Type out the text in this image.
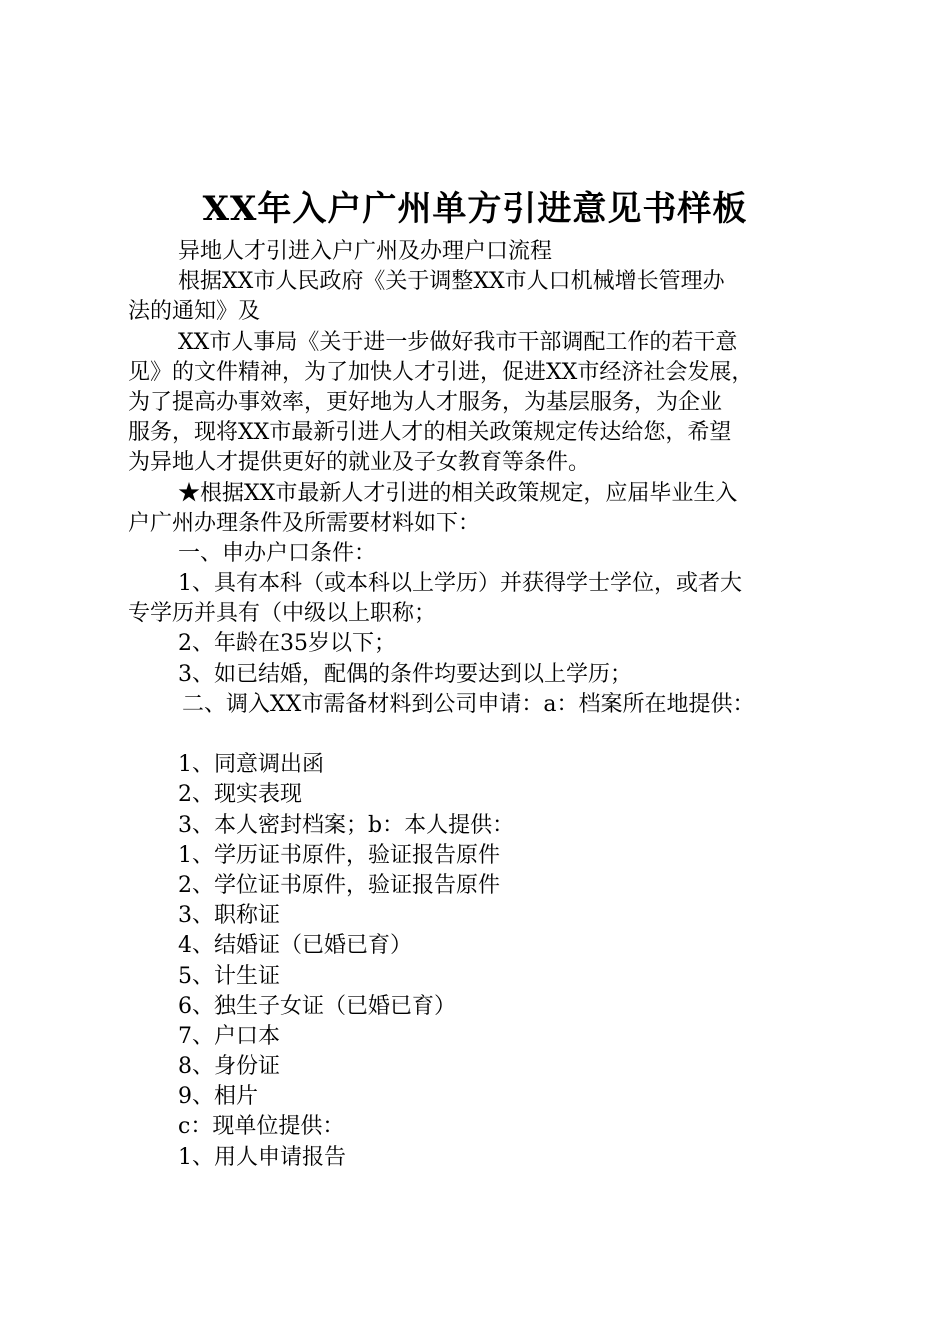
XX年入户广州单方引进意见书样板
异地人才引进入户广州及办理户口流程
根据XX市人民政府《关于调整XX市人口机械增长管理办
法的通知》及
XX市人事局《关于进一步做好我市干部调配工作的若干意
见》的文件精神，为了加快人才引进，促进XX市经济社会发展，
为了提高办事效率，更好地为人才服务，为基层服务，为企业
服务，现将XX市最新引进人才的相关政策规定传达给您，希望
为异地人才提供更好的就业及子女教育等条件。
★根据XX市最新人才引进的相关政策规定，应届毕业生入
户广州办理条件及所需要材料如下：
一、申办户口条件：
1、具有本科（或本科以上学历）并获得学士学位，或者大
专学历并具有（中级以上职称；
2、年龄在35岁以下；
3、如已结婚，配偶的条件均要达到以上学历；
二、调入XX市需备材料到公司申请：a：档案所在地提供：
1、同意调出函
2、现实表现
3、本人密封档案；b：本人提供：
1、学历证书原件，验证报告原件
2、学位证书原件，验证报告原件
3、职称证
4、结婚证（已婚已育）
5、计生证
6、独生子女证（已婚已育）
7、户口本
8、身份证
9、相片
c：现单位提供：
1、用人申请报告
